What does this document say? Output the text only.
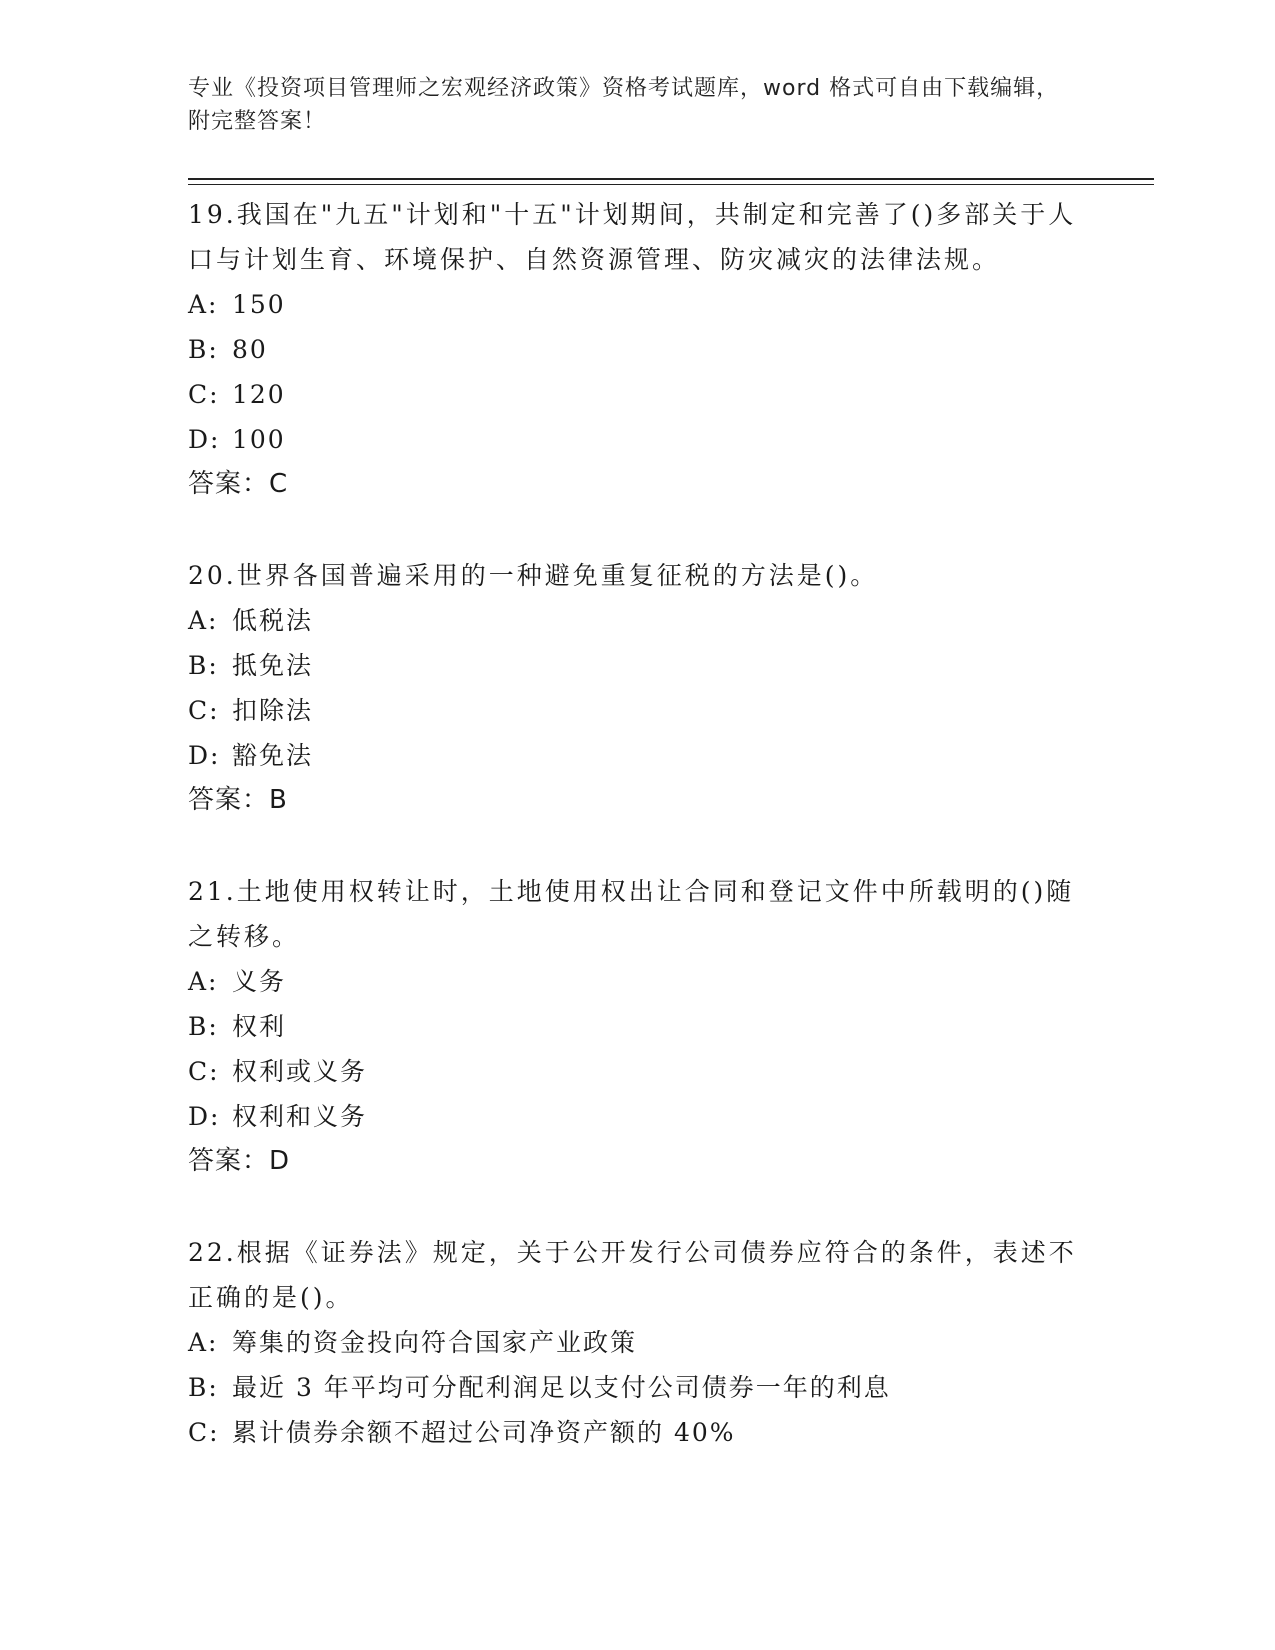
专业《投资项目管理师之宏观经济政策》资格考试题库，word 格式可自由下载编辑，附完整答案！
19.我国在"九五"计划和"十五"计划期间，共制定和完善了()多部关于人口与计划生育、环境保护、自然资源管理、防灾减灾的法律法规。
A: 150
B: 80
C: 120
D: 100
答案：C
20.世界各国普遍采用的一种避免重复征税的方法是()。
A: 低税法
B: 抵免法
C: 扣除法
D: 豁免法
答案：B
21.土地使用权转让时，土地使用权出让合同和登记文件中所载明的()随之转移。
A: 义务
B: 权利
C: 权利或义务
D: 权利和义务
答案：D
22.根据《证券法》规定，关于公开发行公司债券应符合的条件，表述不正确的是()。
A: 筹集的资金投向符合国家产业政策
B: 最近 3 年平均可分配利润足以支付公司债券一年的利息
C: 累计债券余额不超过公司净资产额的 40%
